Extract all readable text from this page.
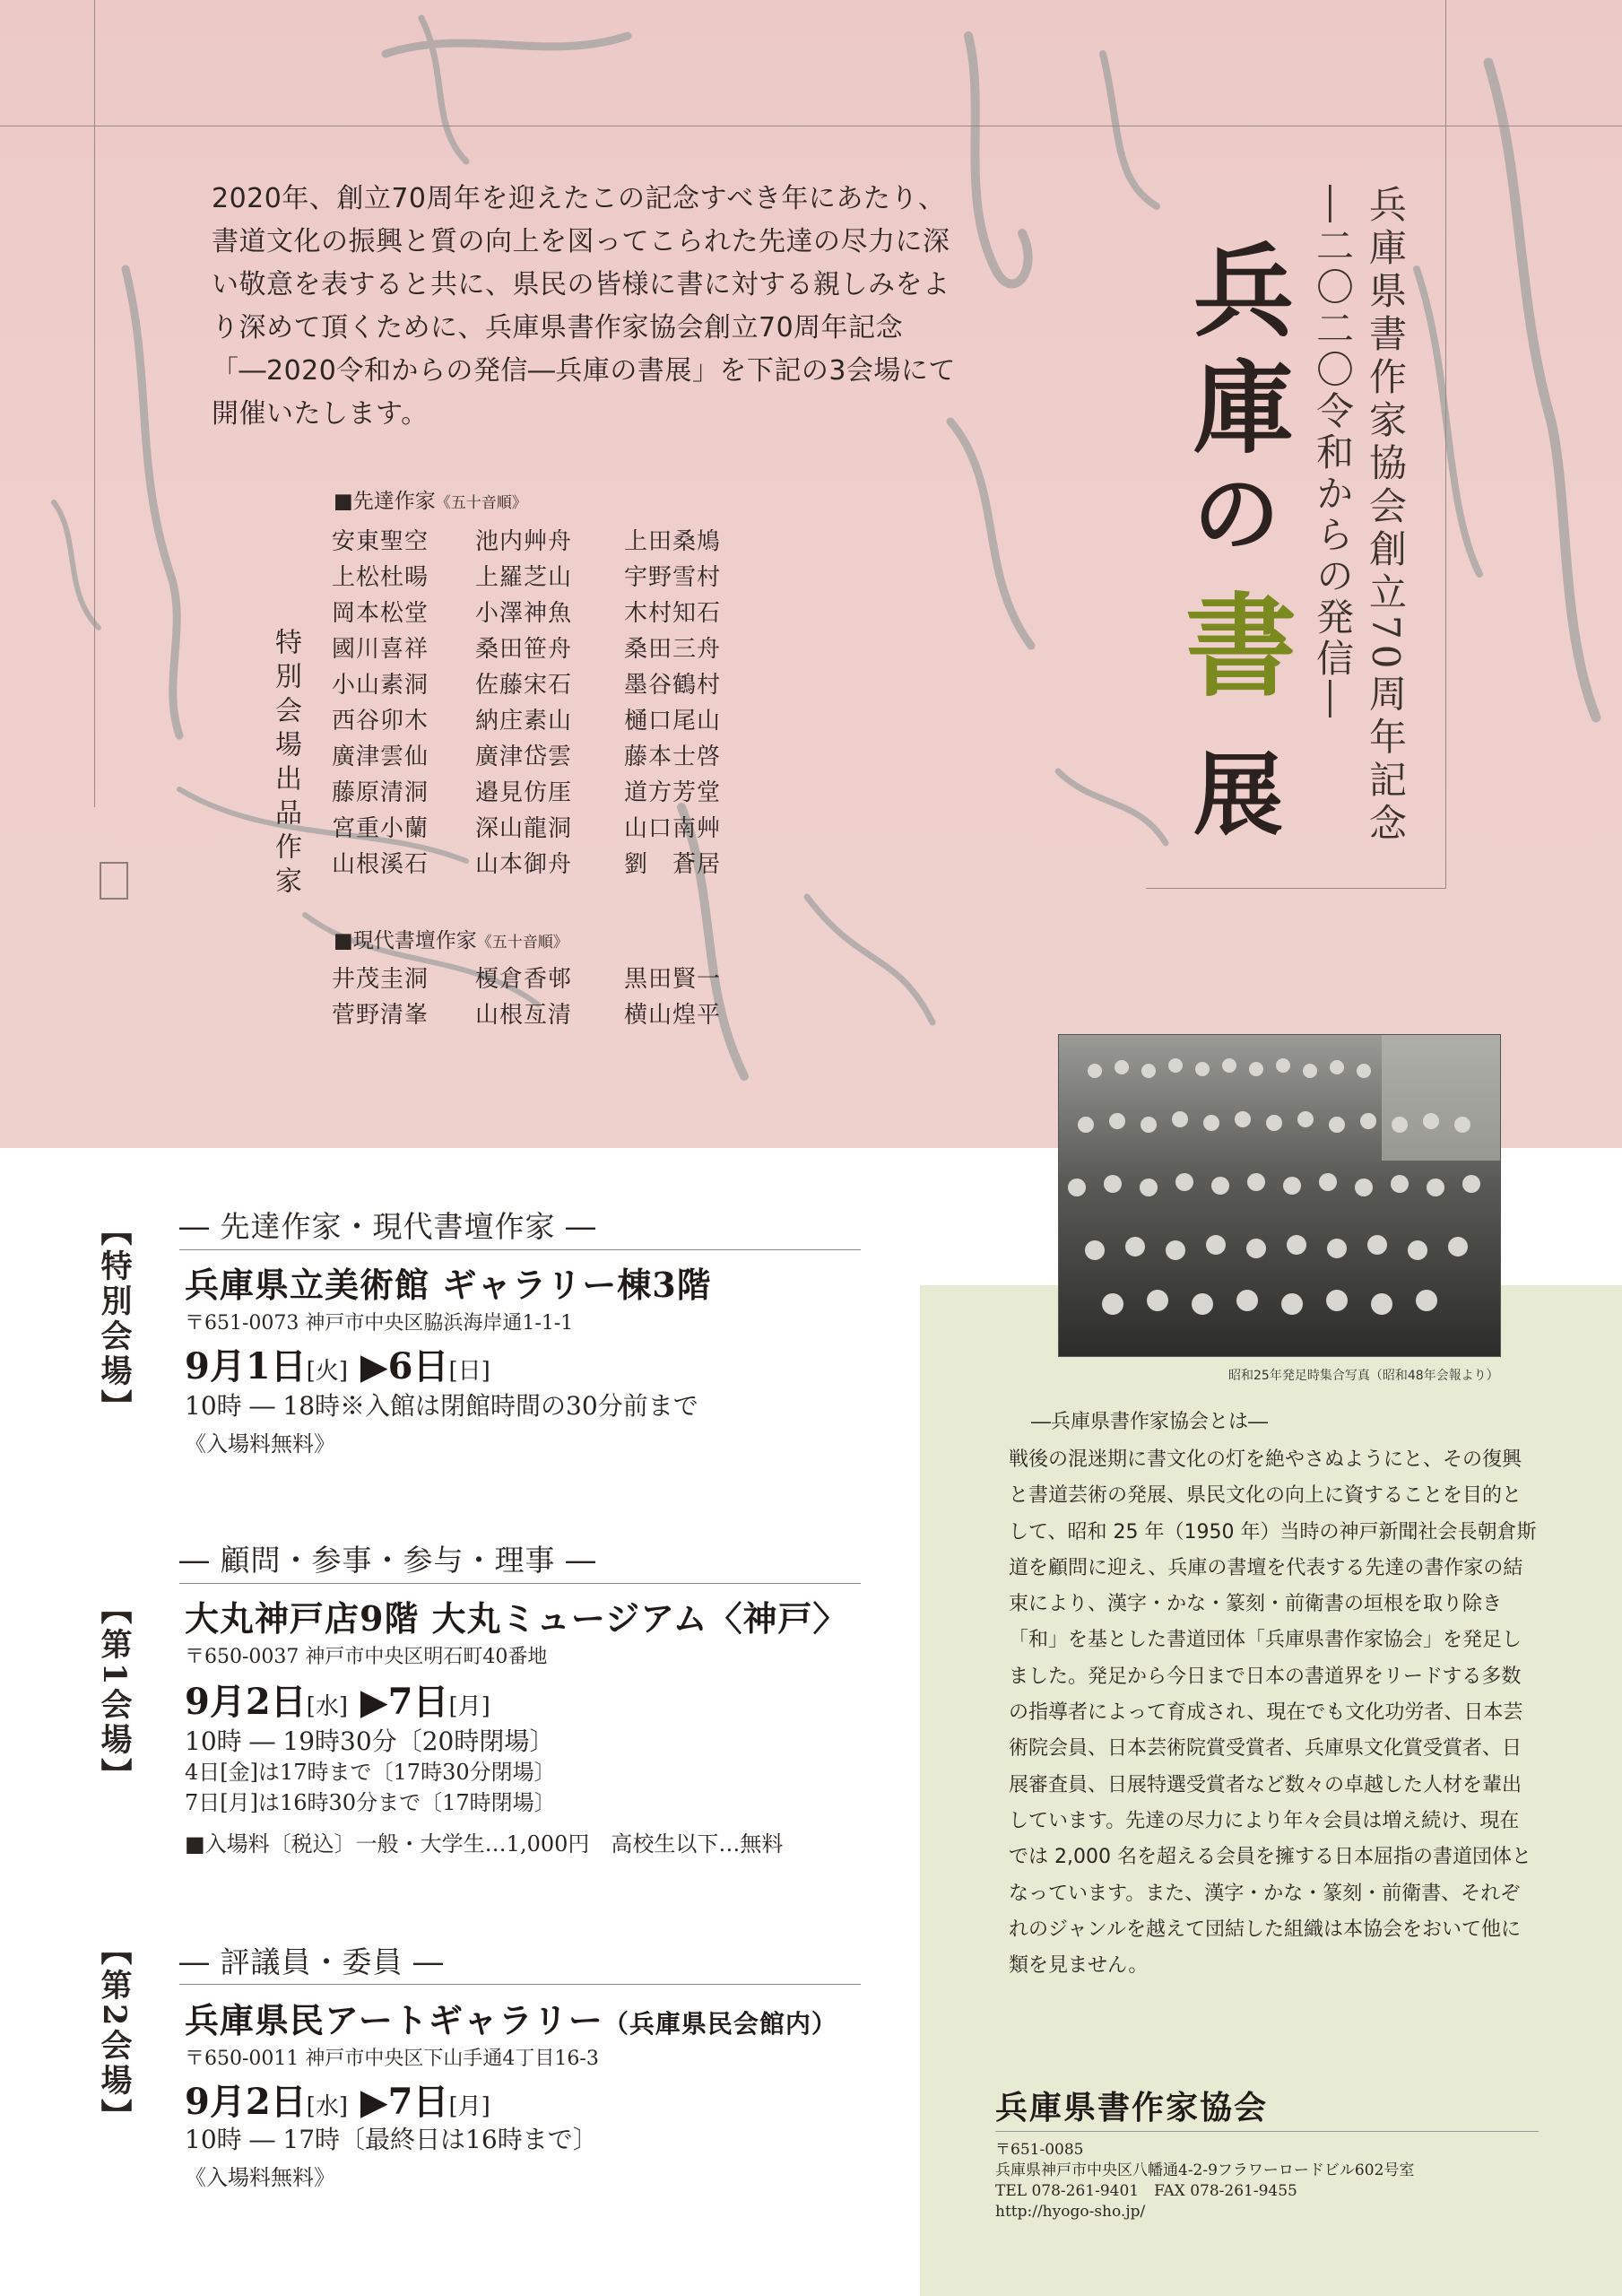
2020年、創立70周年を迎えたこの記念すべき年にあたり、書道文化の振興と質の向上を図ってこられた先達の尽力に深い敬意を表すると共に、県民の皆様に書に対する親しみをより深めて頂くために、兵庫県書作家協会創立70周年記念「―2020令和からの発信―兵庫の書展」を下記の3会場にて開催いたします。	兵庫県書作家協会創立70周年記念
―二〇二〇令和からの発信―
兵
庫
の
書
展
特別会場出品作家
■先達作家《五十音順》
安東聖空	池内艸舟	上田桑鳩
上松杜暘	上羅芝山	宇野雪村
岡本松堂	小澤神魚	木村知石
國川喜祥	桑田笹舟	桑田三舟
小山素洞	佐藤宋石	墨谷鶴村
西谷卯木	納庄素山	樋口尾山
廣津雲仙	廣津岱雲	藤本士啓
藤原清洞	邉見仿厓	道方芳堂
宮重小蘭	深山龍洞	山口南艸
山根溪石	山本御舟	劉　蒼居
■現代書壇作家《五十音順》
井茂圭洞	榎倉香邨	黒田賢一
菅野清峯	山根亙清	横山煌平
昭和25年発足時集合写真（昭和48年会報より）
【特別会場】 ― 先達作家・現代書壇作家 ―
兵庫県立美術館 ギャラリー棟3階
〒651-0073 神戸市中央区脇浜海岸通1-1-1
9月1日[火] ▶6日[日]
10時 ― 18時※入館は閉館時間の30分前まで
《入場料無料》
【第1会場】
― 顧問・参事・参与・理事 ―
大丸神戸店9階 大丸ミュージアム〈神戸〉
〒650-0037 神戸市中央区明石町40番地
9月2日[水] ▶7日[月]
10時 ― 19時30分〔20時閉場〕
4日[金]は17時まで〔17時30分閉場〕
7日[月]は16時30分まで〔17時閉場〕
■入場料〔税込〕一般・大学生…1,000円　高校生以下…無料
【第2会場】 ― 評議員・委員 ―
兵庫県民アートギャラリー（兵庫県民会館内）
〒650-0011 神戸市中央区下山手通4丁目16-3
9月2日[水] ▶7日[月]
10時 ― 17時〔最終日は16時まで〕
《入場料無料》
―兵庫県書作家協会とは―
戦後の混迷期に書文化の灯を絶やさぬようにと、その復興と書道芸術の発展、県民文化の向上に資することを目的として、昭和 25 年（1950 年）当時の神戸新聞社会長朝倉斯道を顧問に迎え、兵庫の書壇を代表する先達の書作家の結束により、漢字・かな・篆刻・前衛書の垣根を取り除き「和」を基とした書道団体「兵庫県書作家協会」を発足しました。発足から今日まで日本の書道界をリードする多数の指導者によって育成され、現在でも文化功労者、日本芸術院会員、日本芸術院賞受賞者、兵庫県文化賞受賞者、日展審査員、日展特選受賞者など数々の卓越した人材を輩出しています。先達の尽力により年々会員は増え続け、現在では 2,000 名を超える会員を擁する日本屈指の書道団体となっています。また、漢字・かな・篆刻・前衛書、それぞれのジャンルを越えて団結した組織は本協会をおいて他に類を見ません。
兵庫県書作家協会
〒651-0085
兵庫県神戸市中央区八幡通4-2-9フラワーロードビル602号室
TEL 078-261-9401　FAX 078-261-9455
http://hyogo-sho.jp/
